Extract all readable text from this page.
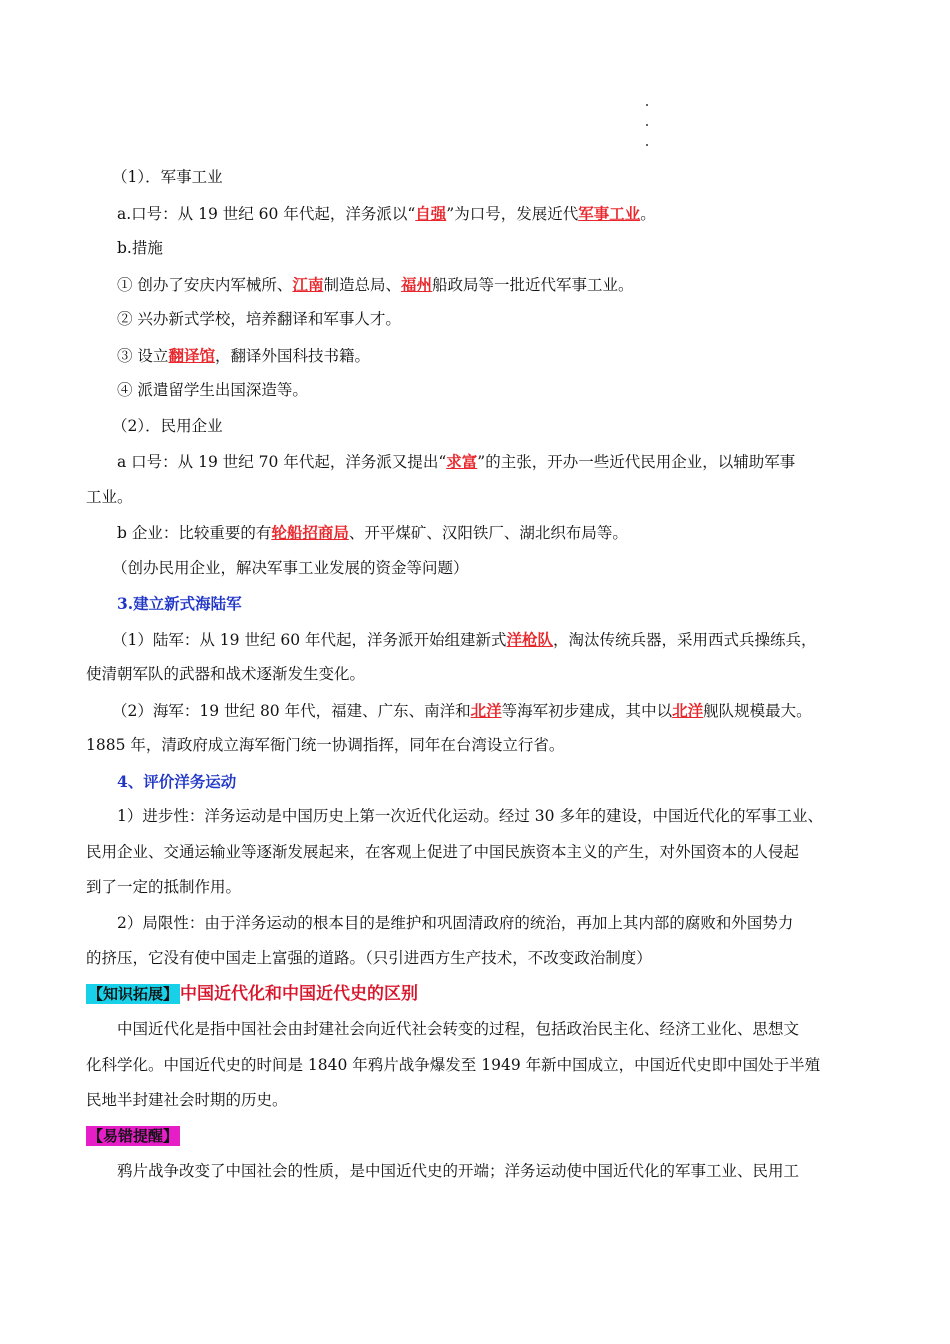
（1）．军事工业
a.口号：从 19 世纪 60 年代起，洋务派以“自强”为口号，发展近代军事工业。
b.措施
① 创办了安庆内军械所、江南制造总局、福州船政局等一批近代军事工业。
② 兴办新式学校，培养翻译和军事人才。
③ 设立翻译馆，翻译外国科技书籍。
④ 派遣留学生出国深造等。
（2）．民用企业
a 口号：从 19 世纪 70 年代起，洋务派又提出“求富”的主张，开办一些近代民用企业，以辅助军事
工业。
b 企业：比较重要的有轮船招商局、开平煤矿、汉阳铁厂、湖北织布局等。
（创办民用企业，解决军事工业发展的资金等问题）
3.建立新式海陆军
（1）陆军：从 19 世纪 60 年代起，洋务派开始组建新式洋枪队，淘汰传统兵器，采用西式兵操练兵，
使清朝军队的武器和战术逐渐发生变化。
（2）海军：19 世纪 80 年代，福建、广东、南洋和北洋等海军初步建成，其中以北洋舰队规模最大。
1885 年，清政府成立海军衙门统一协调指挥，同年在台湾设立行省。
4、评价洋务运动
1）进步性：洋务运动是中国历史上第一次近代化运动。经过 30 多年的建设，中国近代化的军事工业、
民用企业、交通运输业等逐渐发展起来，在客观上促进了中国民族资本主义的产生，对外国资本的人侵起
到了一定的抵制作用。
2）局限性：由于洋务运动的根本目的是维护和巩固清政府的统治，再加上其内部的腐败和外国势力
的挤压，它没有使中国走上富强的道路。（只引进西方生产技术，不改变政治制度）
【知识拓展】 中国近代化和中国近代史的区别
中国近代化是指中国社会由封建社会向近代社会转变的过程，包括政治民主化、经济工业化、思想文
化科学化。中国近代史的时间是 1840 年鸦片战争爆发至 1949 年新中国成立，中国近代史即中国处于半殖
民地半封建社会时期的历史。
【易错提醒】
鸦片战争改变了中国社会的性质，是中国近代史的开端；洋务运动使中国近代化的军事工业、民用工
